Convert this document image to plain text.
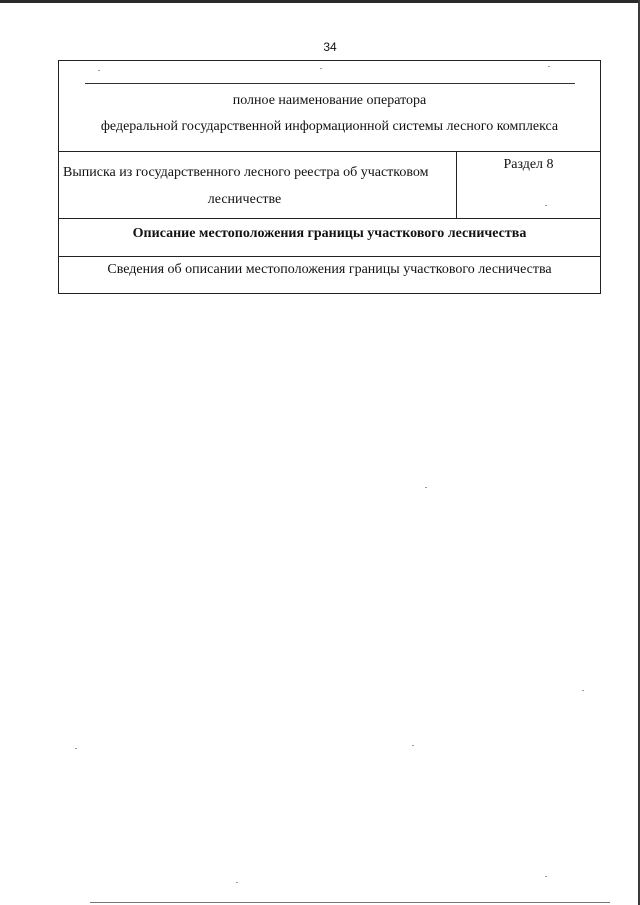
34
полное наименование оператора
федеральной государственной информационной системы лесного комплекса
Выписка из государственного лесного реестра об участковом
лесничестве
Раздел 8
Описание местоположения границы участкового лесничества
Сведения об описании местоположения границы участкового лесничества
